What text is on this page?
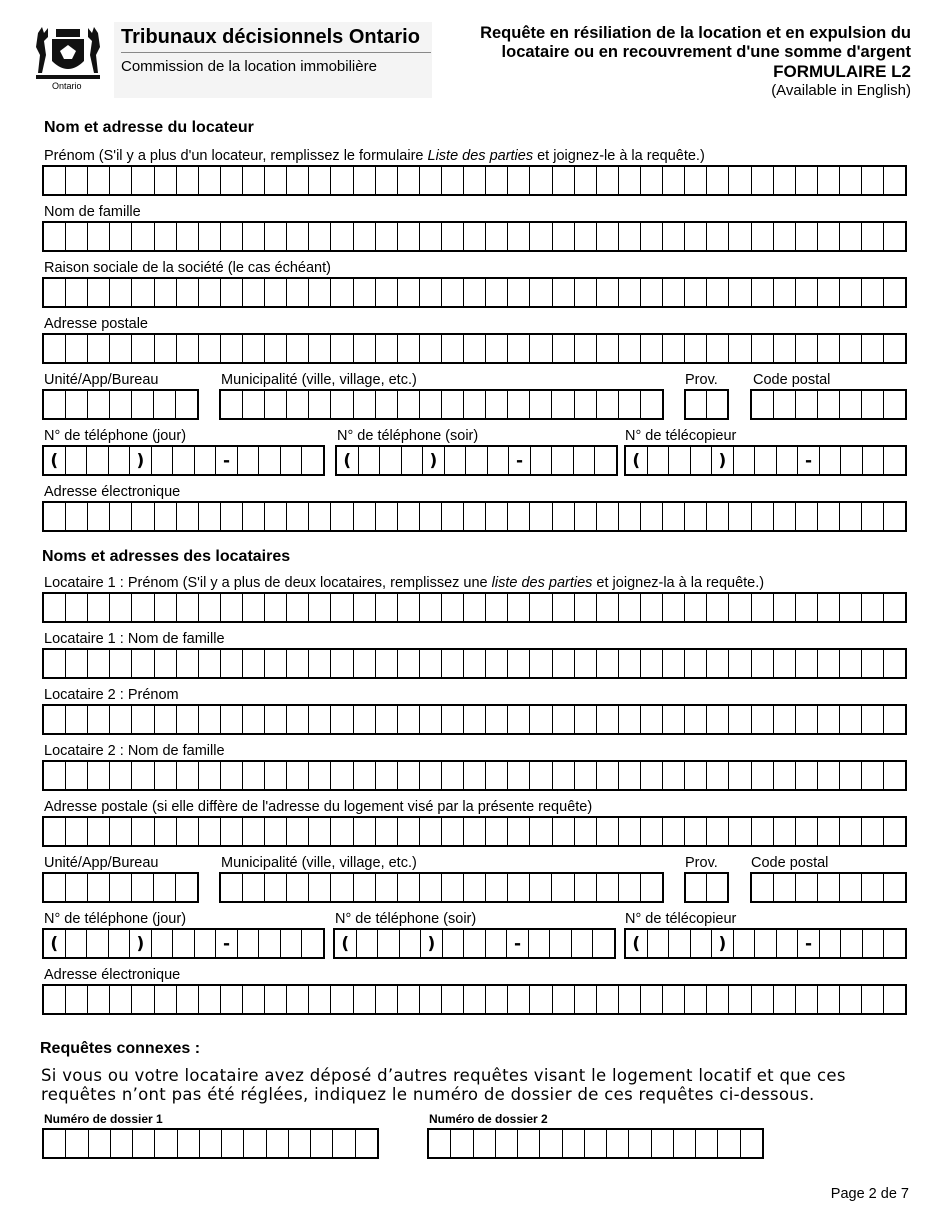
Ontario
Tribunaux décisionnels Ontario
Commission de la location immobilière
Requête en résiliation de la location et en expulsion du
locataire ou en recouvrement d'une somme d'argent
FORMULAIRE L2
(Available in English)
Nom et adresse du locateur
Prénom (S'il y a plus d'un locateur, remplissez le formulaire Liste des parties et joignez-le à la requête.)
Nom de famille
Raison sociale de la société (le cas échéant)
Adresse postale
Unité/App/Bureau	Municipalité (ville, village, etc.)	Prov. Code postal
N° de téléphone (jour)	N° de téléphone (soir)	N° de télécopieur
(	)	-	(	)	-	(	)	-
Adresse électronique
Noms et adresses des locataires
Locataire 1 : Prénom (S'il y a plus de deux locataires, remplissez une liste des parties et joignez-la à la requête.)
Locataire 1 : Nom de famille
Locataire 2 : Prénom
Locataire 2 : Nom de famille
Adresse postale (si elle diffère de l'adresse du logement visé par la présente requête)
Unité/App/Bureau	Municipalité (ville, village, etc.)	Prov. Code postal
N° de téléphone (jour)	N° de téléphone (soir)	N° de télécopieur
(	)	-	(	)	-	(	)	-
Adresse électronique
Requêtes connexes :
Si vous ou votre locataire avez déposé d’autres requêtes visant le logement locatif et que ces requêtes n’ont pas été réglées, indiquez le numéro de dossier de ces requêtes ci-dessous.
Numéro de dossier 1	Numéro de dossier 2
Page 2 de 7
